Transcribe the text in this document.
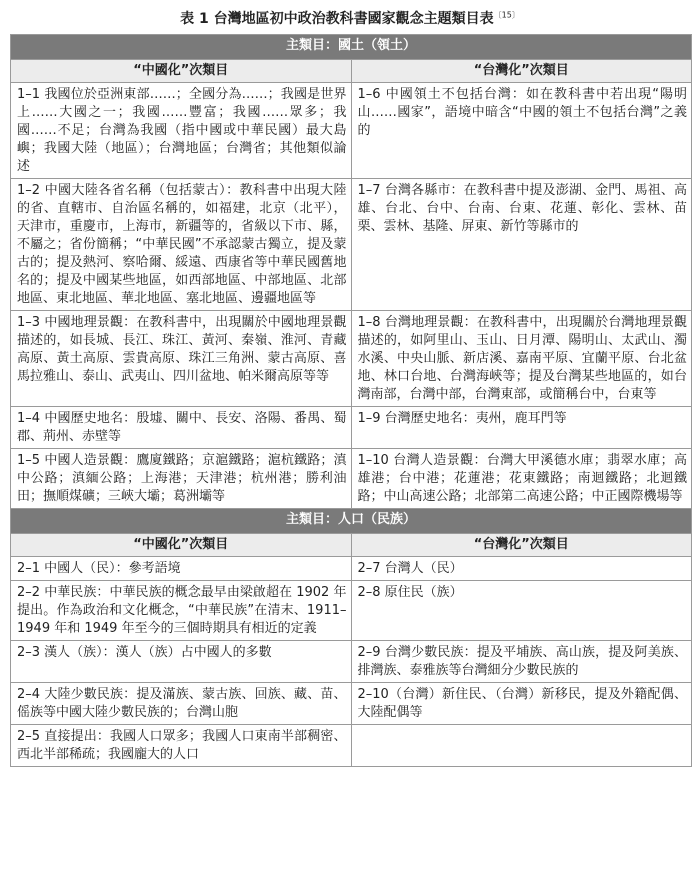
表 1 台灣地區初中政治教科書國家觀念主題類目表$^{〔15〕}$
主類目：國土（領土）	
“中國化”次類目	“台灣化”次類目
1–1 我國位於亞洲東部……；全國分為……；我國是世界上……大國之一；我國……豐富；我國……眾多；我國……不足；台灣為我國（指中國或中華民國）最大島嶼；我國大陸（地區）；台灣地區；台灣省；其他類似論述	1–6 中國領土不包括台灣：如在教科書中若出現“陽明山……國家”，語境中暗含“中國的領土不包括台灣”之義的
1–2 中國大陸各省名稱（包括蒙古）：教科書中出現大陸的省、直轄市、自治區名稱的，如福建，北京（北平），天津市，重慶市，上海市，新疆等的，省級以下市、縣，不屬之；省份簡稱；“中華民國”不承認蒙古獨立，提及蒙古的；提及熱河、察哈爾、綏遠、西康省等中華民國舊地名的；提及中國某些地區，如西部地區、中部地區、北部地區、東北地區、華北地區、塞北地區、邊疆地區等	1–7 台灣各縣市：在教科書中提及澎湖、金門、馬祖、高雄、台北、台中、台南、台東、花蓮、彰化、雲林、苗栗、雲林、基隆、屏東、新竹等縣市的
1–3 中國地理景觀：在教科書中，出現關於中國地理景觀描述的，如長城、長江、珠江、黃河、秦嶺、淮河、青藏高原、黃土高原、雲貴高原、珠江三角洲、蒙古高原、喜馬拉雅山、泰山、武夷山、四川盆地、帕米爾高原等等	1–8 台灣地理景觀：在教科書中，出現關於台灣地理景觀描述的，如阿里山、玉山、日月潭、陽明山、太武山、濁水溪、中央山脈、新店溪、嘉南平原、宜蘭平原、台北盆地、林口台地、台灣海峽等；提及台灣某些地區的，如台灣南部，台灣中部，台灣東部，或簡稱台中，台東等
1–4 中國歷史地名：殷墟、關中、長安、洛陽、番禺、蜀郡、荊州、赤壁等	1–9 台灣歷史地名：夷州，鹿耳門等
1–5 中國人造景觀：鷹廈鐵路；京滬鐵路；滬杭鐵路；滇中公路；滇緬公路；上海港；天津港；杭州港；勝利油田；撫順煤礦；三峽大壩；葛洲壩等	1–10 台灣人造景觀：台灣大甲溪德水庫；翡翠水庫；高雄港；台中港；花蓮港；花東鐵路；南迴鐵路；北迴鐵路；中山高速公路；北部第二高速公路；中正國際機場等
主類目：人口（民族）	
“中國化”次類目	“台灣化”次類目
2–1 中國人（民）：參考語境	2–7 台灣人（民）
2–2 中華民族：中華民族的概念最早由梁啟超在 1902 年提出。作為政治和文化概念，“中華民族”在清末、1911–1949 年和 1949 年至今的三個時期具有相近的定義	2–8 原住民（族）
2–3 漢人（族）：漢人（族）占中國人的多數	2–9 台灣少數民族：提及平埔族、高山族，提及阿美族、排灣族、泰雅族等台灣細分少數民族的
2–4 大陸少數民族：提及滿族、蒙古族、回族、藏、苗、傜族等中國大陸少數民族的；台灣山胞	2–10（台灣）新住民、（台灣）新移民，提及外籍配偶、大陸配偶等
2–5 直接提出：我國人口眾多；我國人口東南半部稠密、西北半部稀疏；我國龐大的人口	
